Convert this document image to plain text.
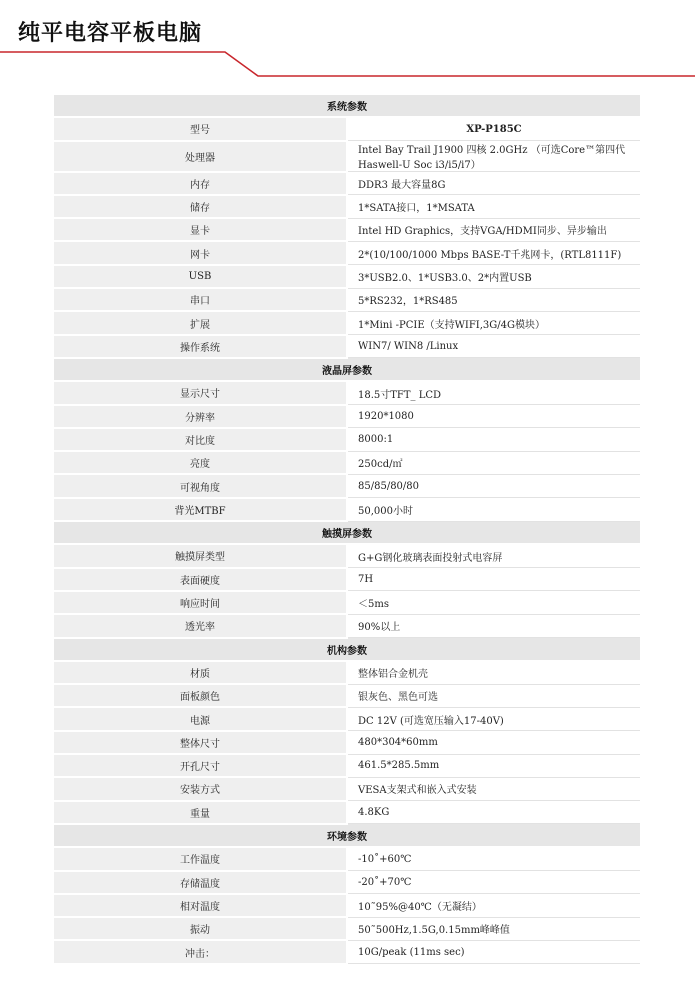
纯平电容平板电脑
系统参数	
型号	XP-P185C
处理器	Intel Bay Trail J1900 四核 2.0GHz （可选Core™第四代 Haswell-U Soc i3/i5/i7）
内存	DDR3 最大容量8G
储存	1*SATA接口，1*MSATA
显卡	Intel HD Graphics，支持VGA/HDMI同步、异步输出
网卡	2*(10/100/1000 Mbps BASE-T千兆网卡，(RTL8111F)
USB	3*USB2.0、1*USB3.0、2*内置USB
串口	5*RS232，1*RS485
扩展	1*Mini -PCIE（支持WIFI,3G/4G模块）
操作系统	WIN7/ WIN8 /Linux
液晶屏参数	
显示尺寸	18.5寸TFT_ LCD
分辨率	1920*1080
对比度	8000:1
亮度	250cd/㎡
可视角度	85/85/80/80
背光MTBF	50,000小时
触摸屏参数	
触摸屏类型	G+G钢化玻璃表面投射式电容屏
表面硬度	7H
响应时间	＜5ms
透光率	90%以上
机构参数	
材质	整体铝合金机壳
面板颜色	银灰色、黑色可选
电源	DC 12V (可选宽压输入17-40V)
整体尺寸	480*304*60mm
开孔尺寸	461.5*285.5mm
安装方式	VESA支架式和嵌入式安装
重量	4.8KG
环境参数	
工作温度	-10˚+60℃
存储温度	-20˚+70℃
相对温度	10˜95%@40℃（无凝结）
振动	50˜500Hz,1.5G,0.15mm峰峰值
冲击：	10G/peak (11ms sec)
